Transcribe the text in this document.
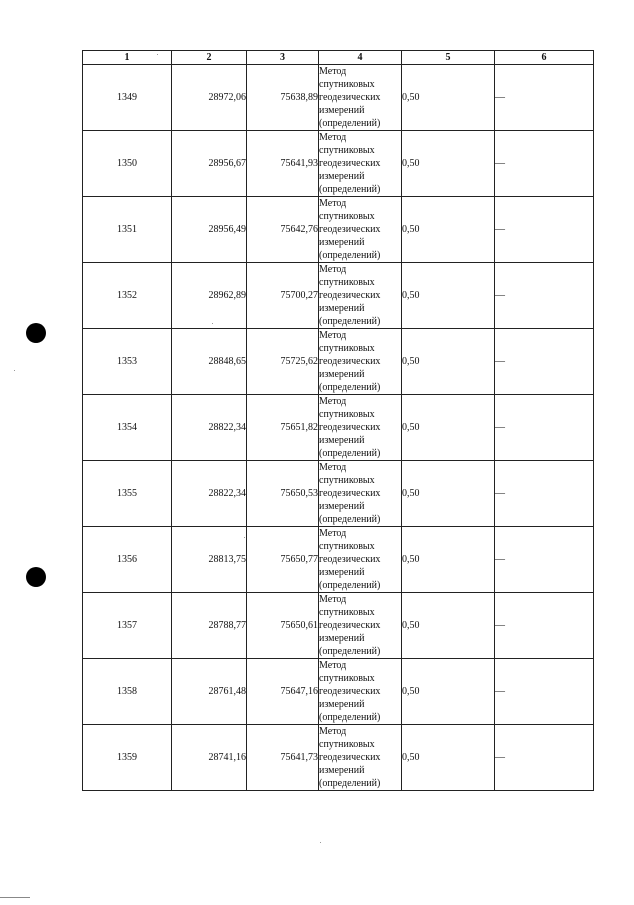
1	2	3	4	5	6
1349	28972,06	75638,89	Метод
спутниковых
геодезических
измерений
(определений)	0,50	—
1350	28956,67	75641,93	Метод
спутниковых
геодезических
измерений
(определений)	0,50	—
1351	28956,49	75642,76	Метод
спутниковых
геодезических
измерений
(определений)	0,50	—
1352	28962,89	75700,27	Метод
спутниковых
геодезических
измерений
(определений)	0,50	—
1353	28848,65	75725,62	Метод
спутниковых
геодезических
измерений
(определений)	0,50	—
1354	28822,34	75651,82	Метод
спутниковых
геодезических
измерений
(определений)	0,50	—
1355	28822,34	75650,53	Метод
спутниковых
геодезических
измерений
(определений)	0,50	—
1356	28813,75	75650,77	Метод
спутниковых
геодезических
измерений
(определений)	0,50	—
1357	28788,77	75650,61	Метод
спутниковых
геодезических
измерений
(определений)	0,50	—
1358	28761,48	75647,16	Метод
спутниковых
геодезических
измерений
(определений)	0,50	—
1359	28741,16	75641,73	Метод
спутниковых
геодезических
измерений
(определений)	0,50	—
